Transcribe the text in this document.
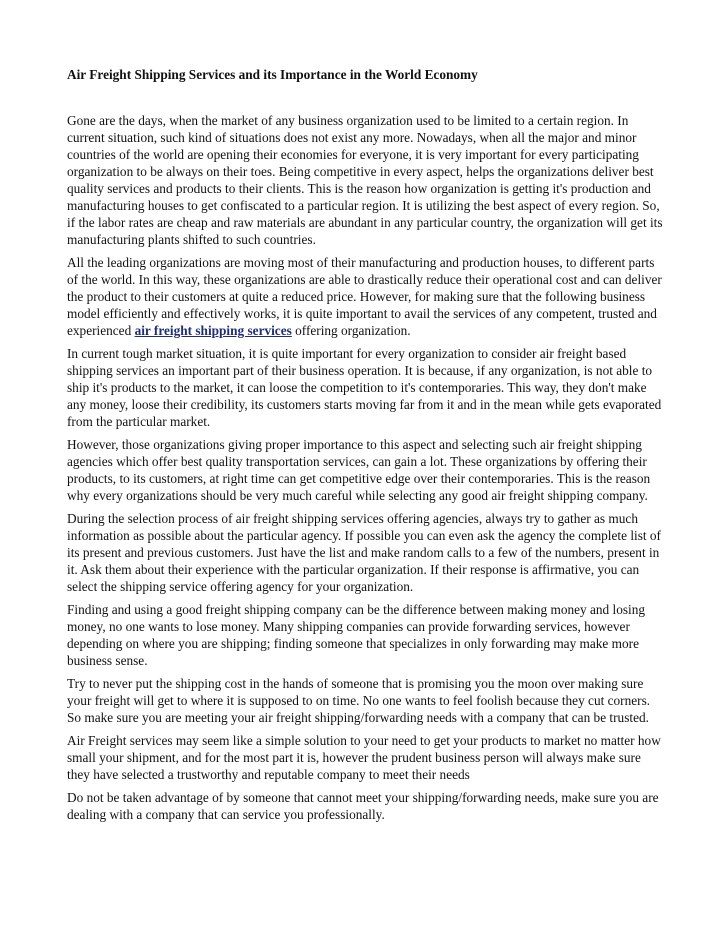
Air Freight Shipping Services and its Importance in the World Economy

Gone are the days, when the market of any business organization used to be limited to a certain region. In current situation, such kind of situations does not exist any more. Nowadays, when all the major and minor countries of the world are opening their economies for everyone, it is very important for every participating organization to be always on their toes. Being competitive in every aspect, helps the organizations deliver best quality services and products to their clients. This is the reason how organization is getting it's production and manufacturing houses to get confiscated to a particular region. It is utilizing the best aspect of every region. So, if the labor rates are cheap and raw materials are abundant in any particular country, the organization will get its manufacturing plants shifted to such countries.

All the leading organizations are moving most of their manufacturing and production houses, to different parts of the world. In this way, these organizations are able to drastically reduce their operational cost and can deliver the product to their customers at quite a reduced price. However, for making sure that the following business model efficiently and effectively works, it is quite important to avail the services of any competent, trusted and experienced air freight shipping services offering organization.

In current tough market situation, it is quite important for every organization to consider air freight based shipping services an important part of their business operation. It is because, if any organization, is not able to ship it's products to the market, it can loose the competition to it's contemporaries. This way, they don't make any money, loose their credibility, its customers starts moving far from it and in the mean while gets evaporated from the particular market.

However, those organizations giving proper importance to this aspect and selecting such air freight shipping agencies which offer best quality transportation services, can gain a lot. These organizations by offering their products, to its customers, at right time can get competitive edge over their contemporaries. This is the reason why every organizations should be very much careful while selecting any good air freight shipping company.

During the selection process of air freight shipping services offering agencies, always try to gather as much information as possible about the particular agency. If possible you can even ask the agency the complete list of its present and previous customers. Just have the list and make random calls to a few of the numbers, present in it. Ask them about their experience with the particular organization. If their response is affirmative, you can select the shipping service offering agency for your organization.

Finding and using a good freight shipping company can be the difference between making money and losing money, no one wants to lose money. Many shipping companies can provide forwarding services, however depending on where you are shipping; finding someone that specializes in only forwarding may make more business sense.

Try to never put the shipping cost in the hands of someone that is promising you the moon over making sure your freight will get to where it is supposed to on time. No one wants to feel foolish because they cut corners. So make sure you are meeting your air freight shipping/forwarding needs with a company that can be trusted.

Air Freight services may seem like a simple solution to your need to get your products to market no matter how small your shipment, and for the most part it is, however the prudent business person will always make sure they have selected a trustworthy and reputable company to meet their needs

Do not be taken advantage of by someone that cannot meet your shipping/forwarding needs, make sure you are dealing with a company that can service you professionally.
